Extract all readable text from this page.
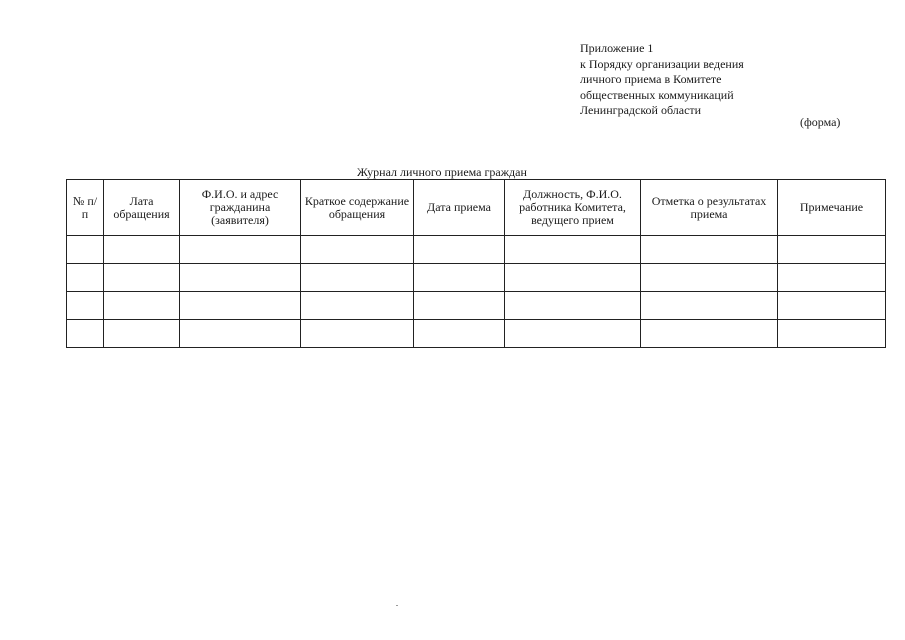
Приложение 1
к Порядку организации ведения
личного приема в Комитете
общественных коммуникаций
Ленинградской области
(форма)
Журнал личного приема граждан
№ п/п	Лата обращения	Ф.И.О. и адрес гражданина (заявителя)	Краткое содержание обращения	Дата приема	Должность, Ф.И.О. работника Комитета, ведущего прием	Отметка о результатах приема	Примечание
